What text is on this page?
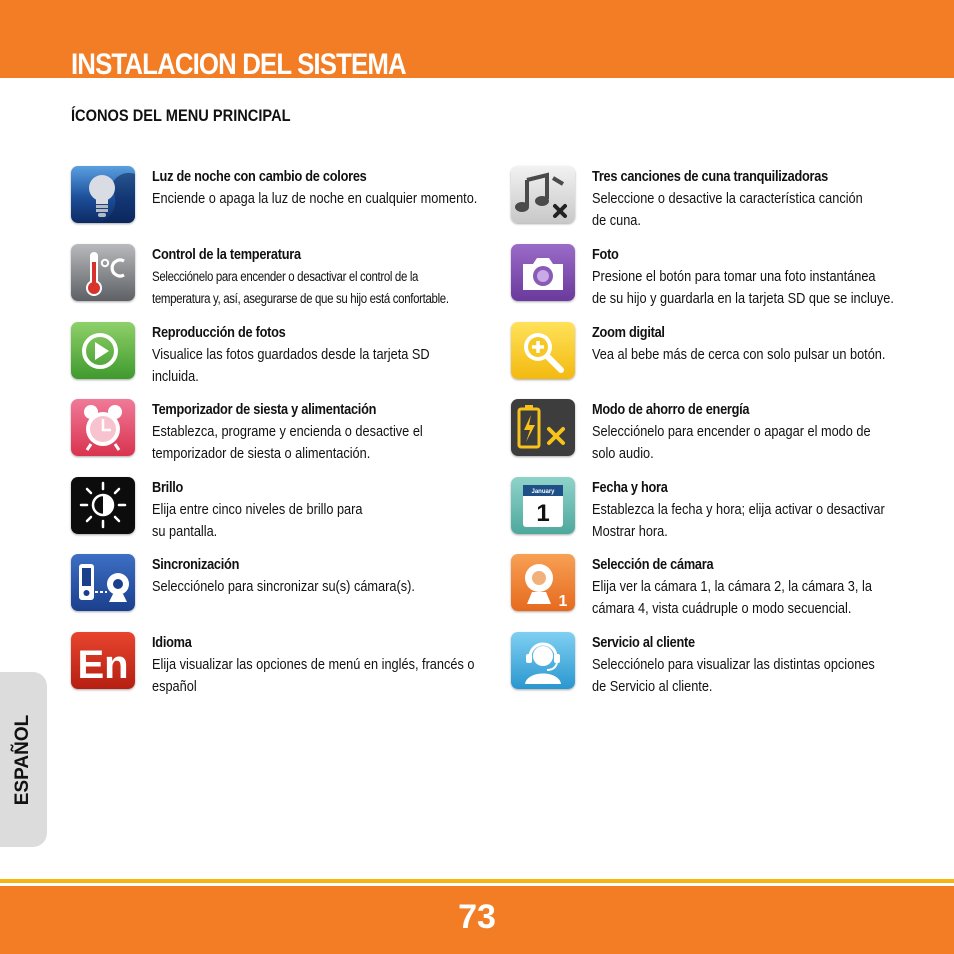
INSTALACION DEL SISTEMA
ÍCONOS DEL MENU PRINCIPAL
Luz de noche con cambio de colores
Enciende o apaga la luz de noche en cualquier momento.
Control de la temperatura
Selecciónelo para encender o desactivar el control de la
temperatura y, así, asegurarse de que su hijo está confortable.
Reproducción de fotos
Visualice las fotos guardados desde la tarjeta SD incluida.
Temporizador de siesta y alimentación
Establezca, programe y encienda o desactive el
temporizador de siesta o alimentación.
Brillo
Elija entre cinco niveles de brillo para
su pantalla.
Sincronización
Selecciónelo para sincronizar su(s) cámara(s).
En
Idioma
Elija visualizar las opciones de menú en inglés, francés o
español
Tres canciones de cuna tranquilizadoras
Seleccione o desactive la característica canción
de cuna.
Foto
Presione el botón para tomar una foto instantánea
de su hijo y guardarla en la tarjeta SD que se incluye.
Zoom digital
Vea al bebe más de cerca con solo pulsar un botón.
Modo de ahorro de energía
Selecciónelo para encender o apagar el modo de
solo audio.
January
1
Fecha y hora
Establezca la fecha y hora; elija activar o desactivar
Mostrar hora.
1
Selección de cámara
Elija ver la cámara 1, la cámara 2, la cámara 3, la
cámara 4, vista cuádruple o modo secuencial.
Servicio al cliente
Selecciónelo para visualizar las distintas opciones
de Servicio al cliente.
ESPAÑOL
73
